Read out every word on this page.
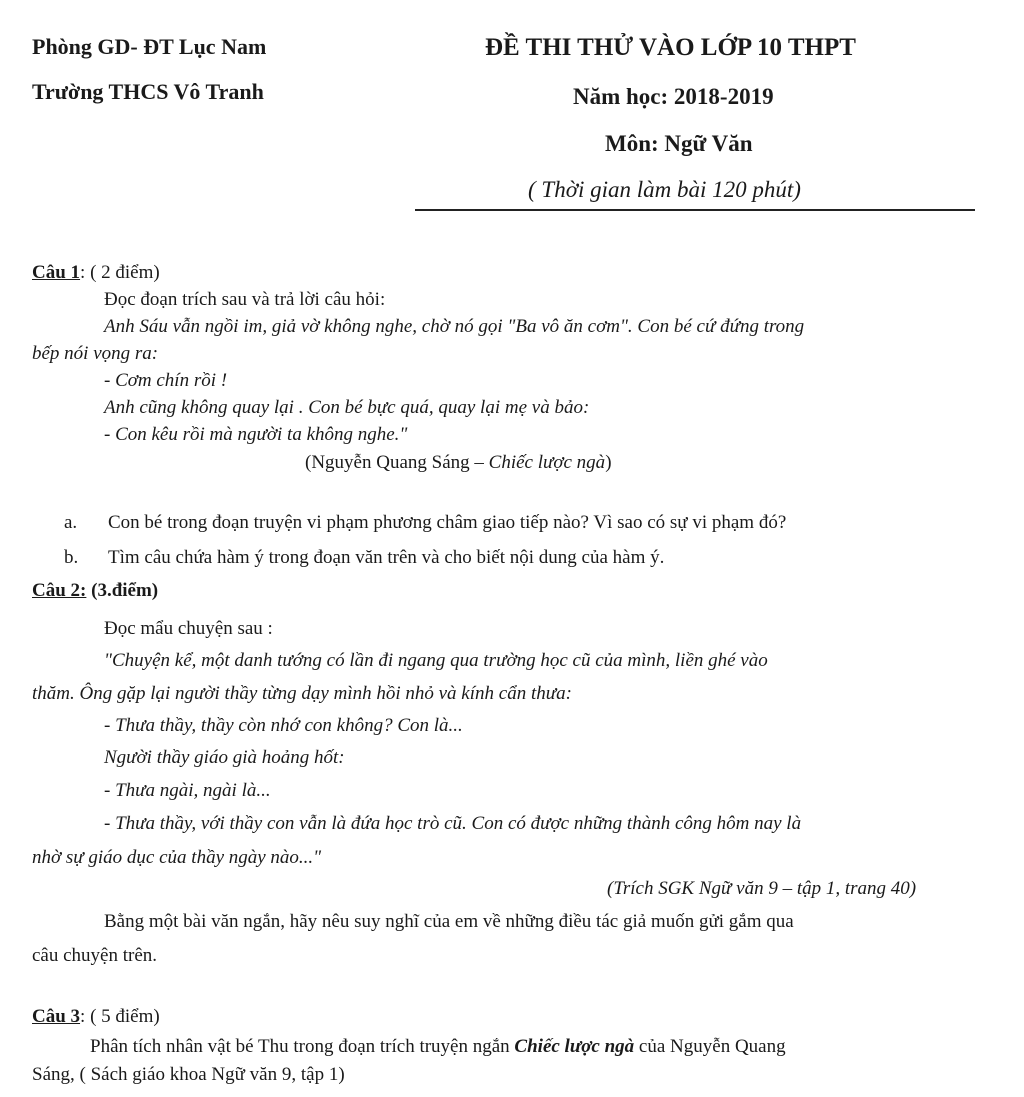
Phòng GD- ĐT Lục Nam
Trường THCS Vô Tranh
ĐỀ THI THỬ VÀO LỚP 10 THPT
Năm học: 2018-2019
Môn: Ngữ Văn
( Thời gian làm bài 120 phút)
Câu 1: ( 2 điểm)
Đọc đoạn trích sau và trả lời câu hỏi:
Anh Sáu vẫn ngồi im, giả vờ không nghe, chờ nó gọi "Ba vô ăn cơm". Con bé cứ đứng trong
bếp nói vọng ra:
- Cơm chín rồi !
Anh cũng không quay lại . Con bé bực quá, quay lại mẹ và bảo:
- Con kêu rồi mà người ta không nghe."
(Nguyễn Quang Sáng – Chiếc lược ngà)
a. Con bé trong đoạn truyện vi phạm phương châm giao tiếp nào? Vì sao có sự vi phạm đó?
b. Tìm câu chứa hàm ý trong đoạn văn trên và cho biết nội dung của hàm ý.
Câu 2: (3.điểm)
Đọc mẩu chuyện sau :
"Chuyện kể, một danh tướng có lần đi ngang qua trường học cũ của mình, liền ghé vào
thăm. Ông gặp lại người thầy từng dạy mình hồi nhỏ và kính cẩn thưa:
- Thưa thầy, thầy còn nhớ con không? Con là...
Người thầy giáo già hoảng hốt:
- Thưa ngài, ngài là...
- Thưa thầy, với thầy con vẫn là đứa học trò cũ. Con có được những thành công hôm nay là
nhờ sự giáo dục của thầy ngày nào..."
(Trích SGK Ngữ văn 9 – tập 1, trang 40)
Bằng một bài văn ngắn, hãy nêu suy nghĩ của em về những điều tác giả muốn gửi gắm qua
câu chuyện trên.
Câu 3: ( 5 điểm)
Phân tích nhân vật bé Thu trong đoạn trích truyện ngắn Chiếc lược ngà của Nguyễn Quang
Sáng, ( Sách giáo khoa Ngữ văn 9, tập 1)
